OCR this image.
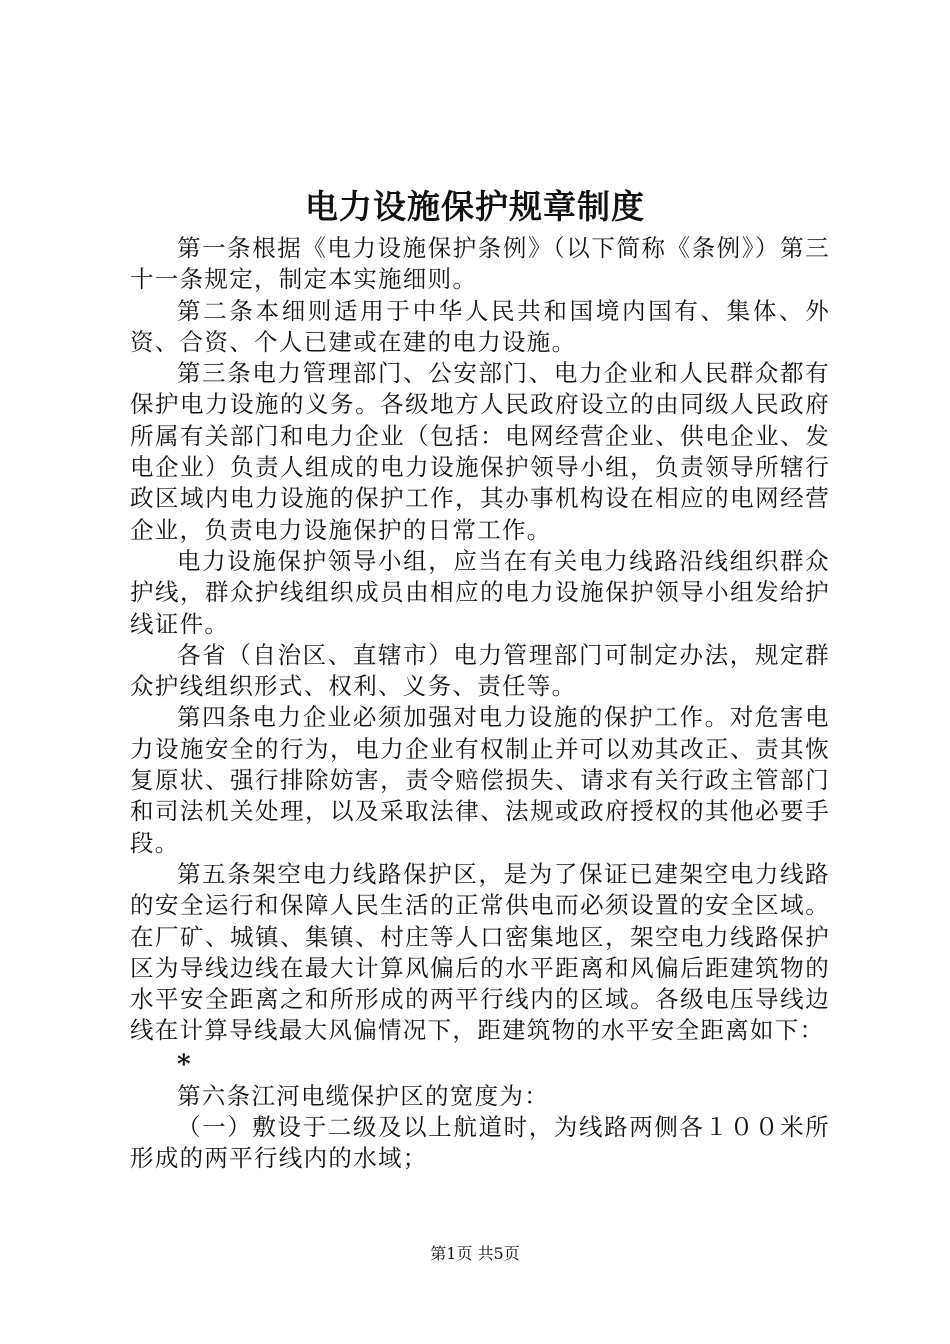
电力设施保护规章制度

第一条根据《电力设施保护条例》（以下简称《条例》）第三十一条规定，制定本实施细则。

第二条本细则适用于中华人民共和国境内国有、集体、外资、合资、个人已建或在建的电力设施。

第三条电力管理部门、公安部门、电力企业和人民群众都有保护电力设施的义务。各级地方人民政府设立的由同级人民政府所属有关部门和电力企业（包括：电网经营企业、供电企业、发电企业）负责人组成的电力设施保护领导小组，负责领导所辖行政区域内电力设施的保护工作，其办事机构设在相应的电网经营企业，负责电力设施保护的日常工作。

电力设施保护领导小组，应当在有关电力线路沿线组织群众护线，群众护线组织成员由相应的电力设施保护领导小组发给护线证件。

各省（自治区、直辖市）电力管理部门可制定办法，规定群众护线组织形式、权利、义务、责任等。

第四条电力企业必须加强对电力设施的保护工作。对危害电力设施安全的行为，电力企业有权制止并可以劝其改正、责其恢复原状、强行排除妨害，责令赔偿损失、请求有关行政主管部门和司法机关处理，以及采取法律、法规或政府授权的其他必要手段。

第五条架空电力线路保护区，是为了保证已建架空电力线路的安全运行和保障人民生活的正常供电而必须设置的安全区域。在厂矿、城镇、集镇、村庄等人口密集地区，架空电力线路保护区为导线边线在最大计算风偏后的水平距离和风偏后距建筑物的水平安全距离之和所形成的两平行线内的区域。各级电压导线边线在计算导线最大风偏情况下，距建筑物的水平安全距离如下：

*

第六条江河电缆保护区的宽度为：

（一）敷设于二级及以上航道时，为线路两侧各１００米所形成的两平行线内的水域；

第1页 共5页
